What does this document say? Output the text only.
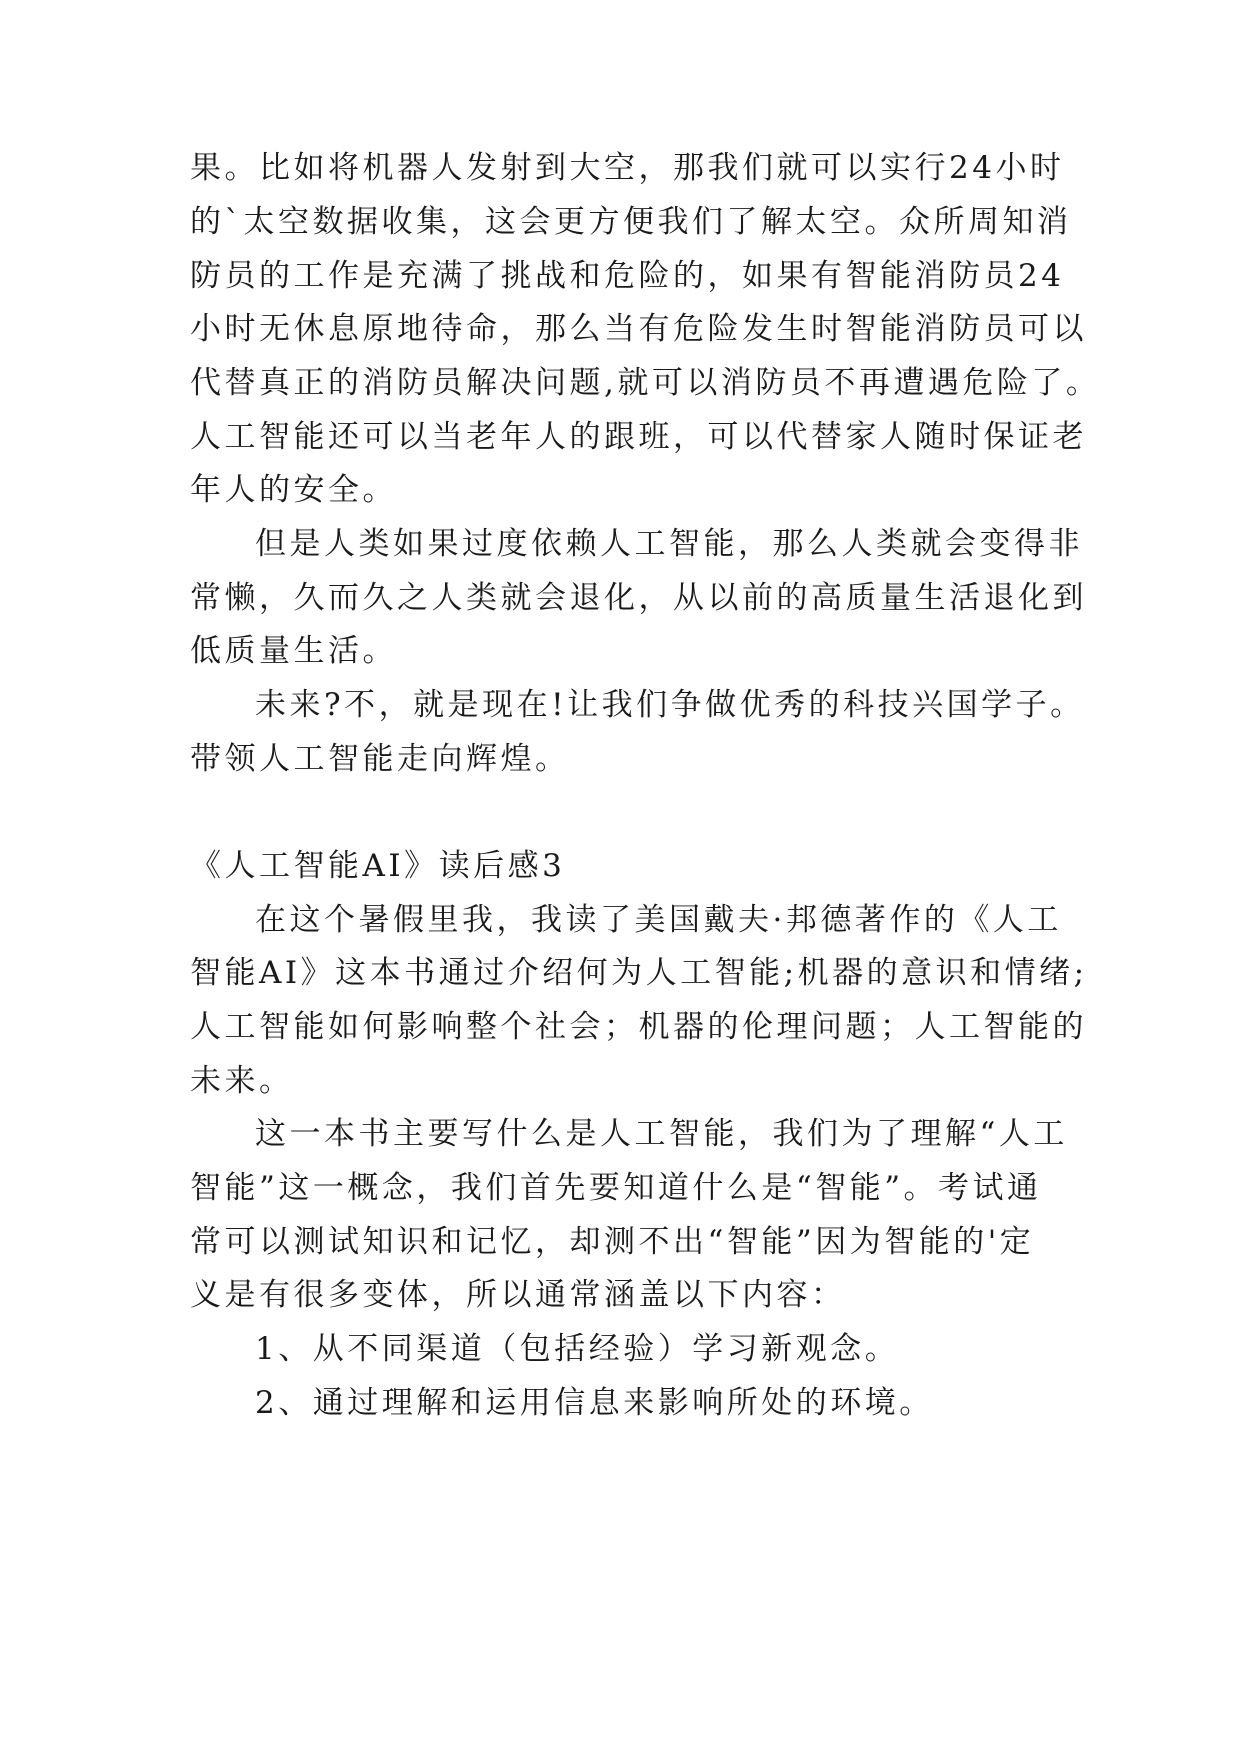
果。比如将机器人发射到大空，那我们就可以实行24小时
的`太空数据收集，这会更方便我们了解太空。众所周知消
防员的工作是充满了挑战和危险的，如果有智能消防员24
小时无休息原地待命，那么当有危险发生时智能消防员可以
代替真正的消防员解决问题,就可以消防员不再遭遇危险了。
人工智能还可以当老年人的跟班，可以代替家人随时保证老
年人的安全。
但是人类如果过度依赖人工智能，那么人类就会变得非
常懒，久而久之人类就会退化，从以前的高质量生活退化到
低质量生活。
未来?不，就是现在!让我们争做优秀的科技兴国学子。
带领人工智能走向辉煌。
《人工智能AI》读后感3
在这个暑假里我，我读了美国戴夫·邦德著作的《人工
智能AI》这本书通过介绍何为人工智能;机器的意识和情绪;
人工智能如何影响整个社会；机器的伦理问题；人工智能的
未来。
这一本书主要写什么是人工智能，我们为了理解“人工
智能”这一概念，我们首先要知道什么是“智能”。考试通
常可以测试知识和记忆，却测不出“智能”因为智能的'定
义是有很多变体，所以通常涵盖以下内容：
1、从不同渠道（包括经验）学习新观念。
2、通过理解和运用信息来影响所处的环境。
